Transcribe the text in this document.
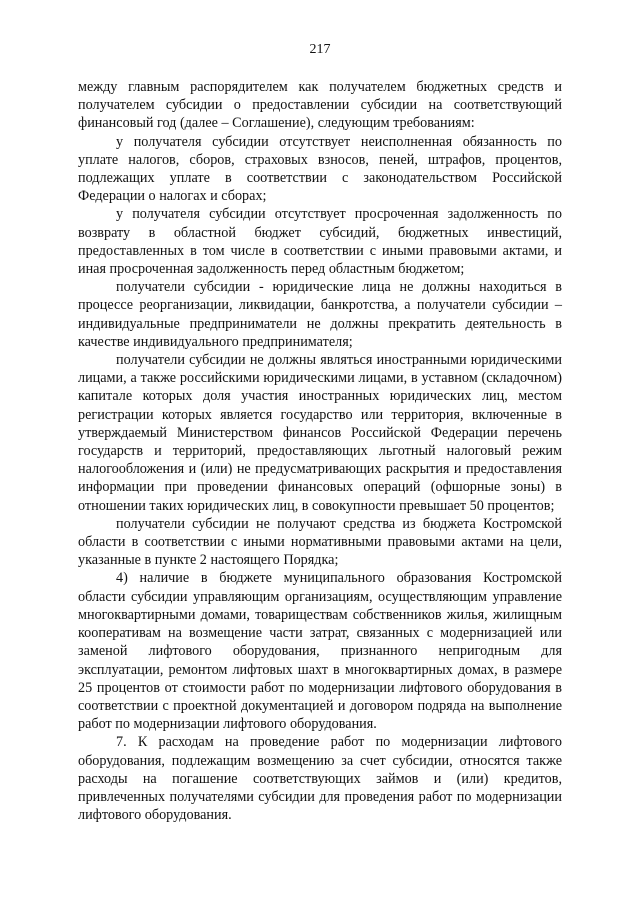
217

между главным распорядителем как получателем бюджетных средств и получателем субсидии о предоставлении субсидии на соответствующий финансовый год (далее – Соглашение), следующим требованиям:

у получателя субсидии отсутствует неисполненная обязанность по уплате налогов, сборов, страховых взносов, пеней, штрафов, процентов, подлежащих уплате в соответствии с законодательством Российской Федерации о налогах и сборах;

у получателя субсидии отсутствует просроченная задолженность по возврату в областной бюджет субсидий, бюджетных инвестиций, предоставленных в том числе в соответствии с иными правовыми актами, и иная просроченная задолженность перед областным бюджетом;

получатели субсидии - юридические лица не должны находиться в процессе реорганизации, ликвидации, банкротства, а получатели субсидии – индивидуальные предприниматели не должны прекратить деятельность в качестве индивидуального предпринимателя;

получатели субсидии не должны являться иностранными юридическими лицами, а также российскими юридическими лицами, в уставном (складочном) капитале которых доля участия иностранных юридических лиц, местом регистрации которых является государство или территория, включенные в утверждаемый Министерством финансов Российской Федерации перечень государств и территорий, предоставляющих льготный налоговый режим налогообложения и (или) не предусматривающих раскрытия и предоставления информации при проведении финансовых операций (офшорные зоны) в отношении таких юридических лиц, в совокупности превышает 50 процентов;

получатели субсидии не получают средства из бюджета Костромской области в соответствии с иными нормативными правовыми актами на цели, указанные в пункте 2 настоящего Порядка;

4) наличие в бюджете муниципального образования Костромской области субсидии управляющим организациям, осуществляющим управление многоквартирными домами, товариществам собственников жилья, жилищным кооперативам на возмещение части затрат, связанных с модернизацией или заменой лифтового оборудования, признанного непригодным для эксплуатации, ремонтом лифтовых шахт в многоквартирных домах, в размере 25 процентов от стоимости работ по модернизации лифтового оборудования в соответствии с проектной документацией и договором подряда на выполнение работ по модернизации лифтового оборудования.

7. К расходам на проведение работ по модернизации лифтового оборудования, подлежащим возмещению за счет субсидии, относятся также расходы на погашение соответствующих займов и (или) кредитов, привлеченных получателями субсидии для проведения работ по модернизации лифтового оборудования.
